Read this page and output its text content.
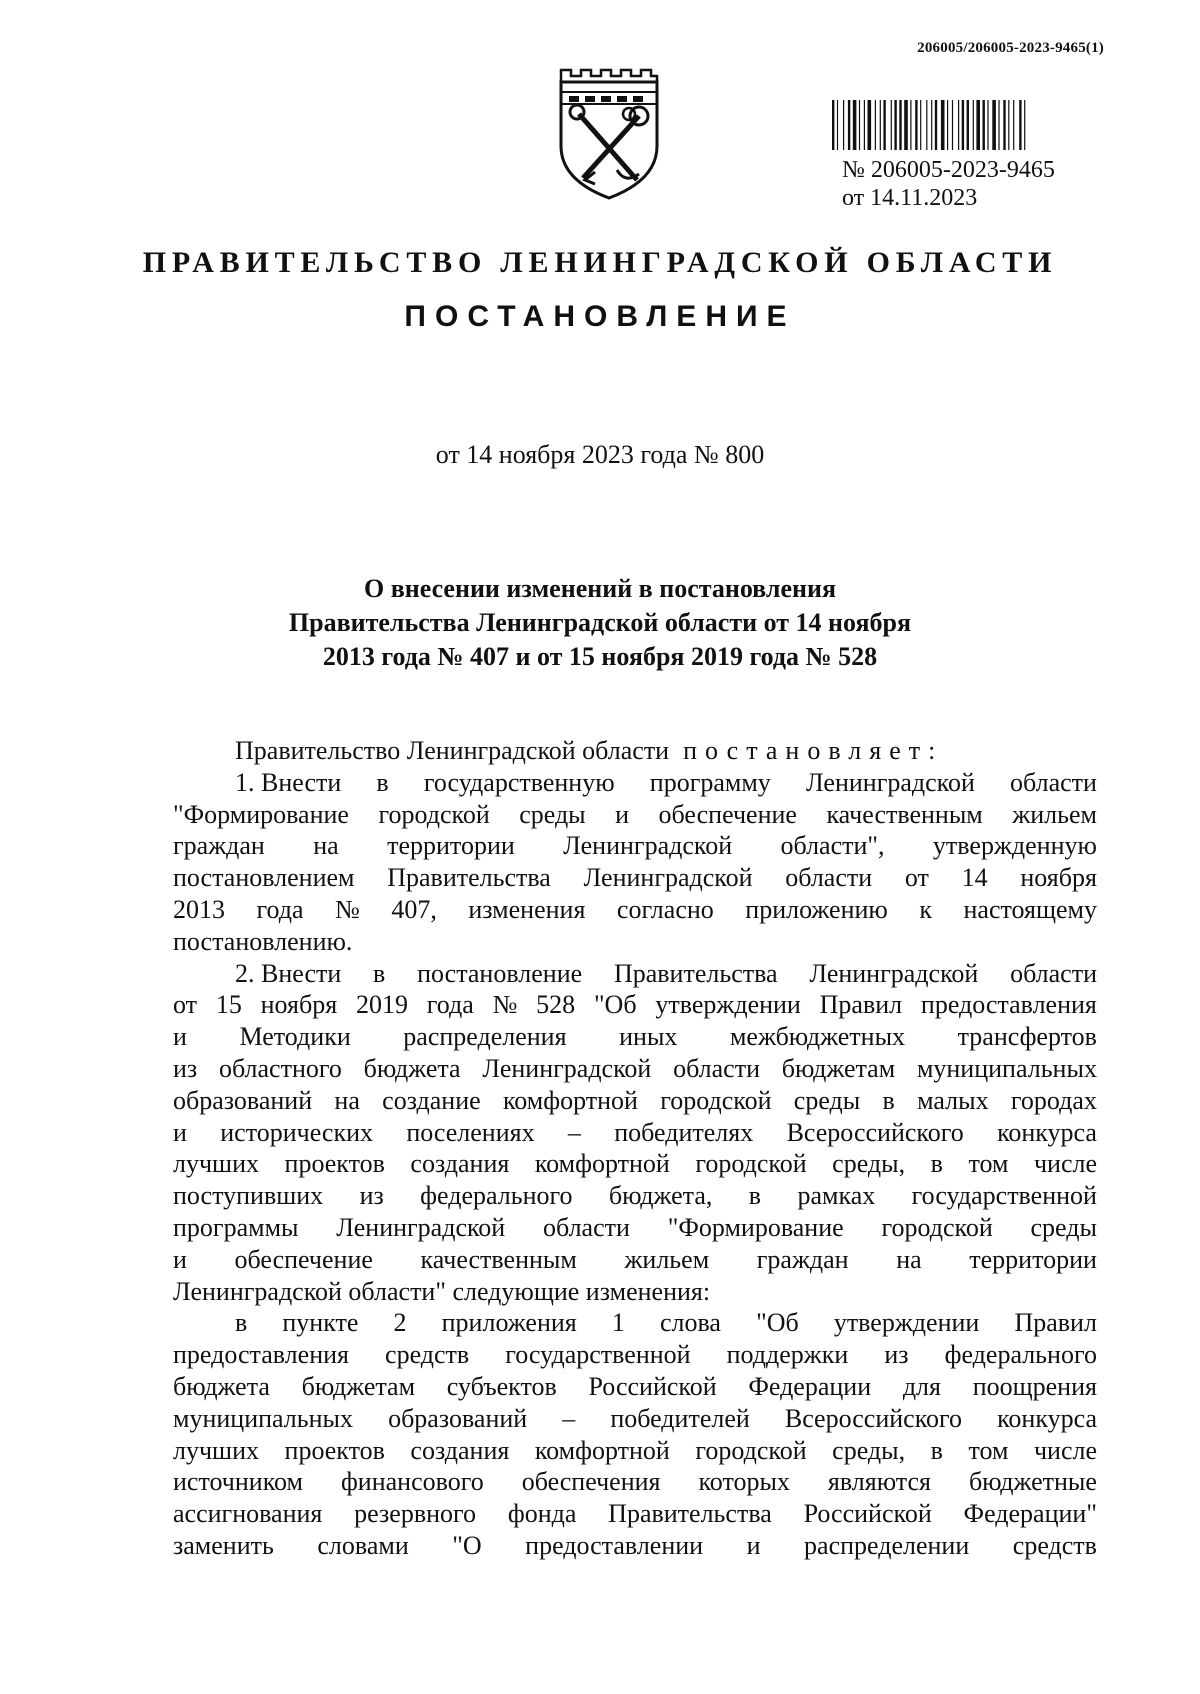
206005/206005-2023-9465(1)
№ 206005-2023-9465
от 14.11.2023
ПРАВИТЕЛЬСТВО ЛЕНИНГРАДСКОЙ ОБЛАСТИ
ПОСТАНОВЛЕНИЕ
от 14 ноября 2023 года № 800
О внесении изменений в постановления
Правительства Ленинградской области от 14 ноября
2013 года № 407 и от 15 ноября 2019 года № 528
Правительство Ленинградской области постановляет:
1. Внести в государственную программу Ленинградской области
"Формирование городской среды и обеспечение качественным жильем
граждан на территории Ленинградской области", утвержденную
постановлением Правительства Ленинградской области от 14 ноября
2013 года № 407, изменения согласно приложению к настоящему
постановлению.
2. Внести в постановление Правительства Ленинградской области
от 15 ноября 2019 года № 528 "Об утверждении Правил предоставления
и Методики распределения иных межбюджетных трансфертов
из областного бюджета Ленинградской области бюджетам муниципальных
образований на создание комфортной городской среды в малых городах
и исторических поселениях – победителях Всероссийского конкурса
лучших проектов создания комфортной городской среды, в том числе
поступивших из федерального бюджета, в рамках государственной
программы Ленинградской области "Формирование городской среды
и обеспечение качественным жильем граждан на территории
Ленинградской области" следующие изменения:
в пункте 2 приложения 1 слова "Об утверждении Правил
предоставления средств государственной поддержки из федерального
бюджета бюджетам субъектов Российской Федерации для поощрения
муниципальных образований – победителей Всероссийского конкурса
лучших проектов создания комфортной городской среды, в том числе
источником финансового обеспечения которых являются бюджетные
ассигнования резервного фонда Правительства Российской Федерации"
заменить словами "О предоставлении и распределении средств
